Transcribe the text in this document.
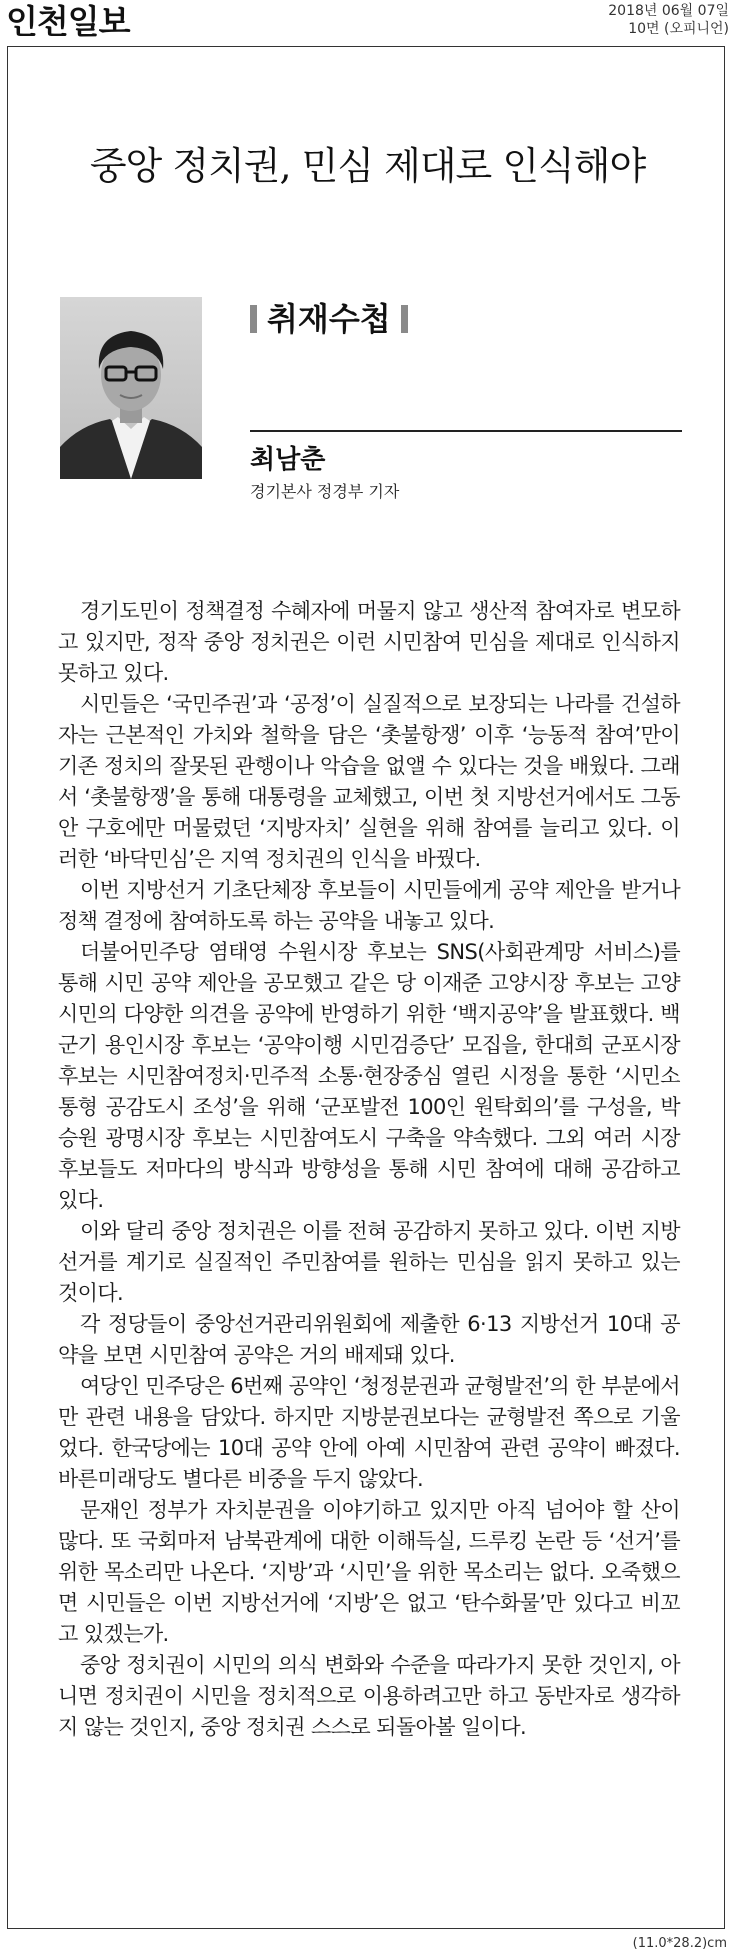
인천일보	2018년 06월 07일
10면 (오피니언)
중앙 정치권, 민심 제대로 인식해야
취재수첩
최남춘
경기본사 정경부 기자

경기도민이 정책결정 수혜자에 머물지 않고 생산적 참여자로 변모하고 있지만, 정작 중앙 정치권은 이런 시민참여 민심을 제대로 인식하지 못하고 있다.

시민들은 ‘국민주권’과 ‘공정’이 실질적으로 보장되는 나라를 건설하자는 근본적인 가치와 철학을 담은 ‘촛불항쟁’ 이후 ‘능동적 참여’만이 기존 정치의 잘못된 관행이나 악습을 없앨 수 있다는 것을 배웠다. 그래서 ‘촛불항쟁’을 통해 대통령을 교체했고, 이번 첫 지방선거에서도 그동안 구호에만 머물렀던 ‘지방자치’ 실현을 위해 참여를 늘리고 있다. 이러한 ‘바닥민심’은 지역 정치권의 인식을 바꿨다.

이번 지방선거 기초단체장 후보들이 시민들에게 공약 제안을 받거나 정책 결정에 참여하도록 하는 공약을 내놓고 있다.

더불어민주당 염태영 수원시장 후보는 SNS(사회관계망 서비스)를 통해 시민 공약 제안을 공모했고 같은 당 이재준 고양시장 후보는 고양시민의 다양한 의견을 공약에 반영하기 위한 ‘백지공약’을 발표했다. 백군기 용인시장 후보는 ‘공약이행 시민검증단’ 모집을, 한대희 군포시장 후보는 시민참여정치·민주적 소통·현장중심 열린 시정을 통한 ‘시민소통형 공감도시 조성’을 위해 ‘군포발전 100인 원탁회의’를 구성을, 박승원 광명시장 후보는 시민참여도시 구축을 약속했다. 그외 여러 시장 후보들도 저마다의 방식과 방향성을 통해 시민 참여에 대해 공감하고 있다.

이와 달리 중앙 정치권은 이를 전혀 공감하지 못하고 있다. 이번 지방선거를 계기로 실질적인 주민참여를 원하는 민심을 읽지 못하고 있는 것이다.

각 정당들이 중앙선거관리위원회에 제출한 6·13 지방선거 10대 공약을 보면 시민참여 공약은 거의 배제돼 있다.

여당인 민주당은 6번째 공약인 ‘청정분권과 균형발전’의 한 부분에서만 관련 내용을 담았다. 하지만 지방분권보다는 균형발전 쪽으로 기울었다. 한국당에는 10대 공약 안에 아예 시민참여 관련 공약이 빠졌다. 바른미래당도 별다른 비중을 두지 않았다.

문재인 정부가 자치분권을 이야기하고 있지만 아직 넘어야 할 산이 많다. 또 국회마저 남북관계에 대한 이해득실, 드루킹 논란 등 ‘선거’를 위한 목소리만 나온다. ‘지방’과 ‘시민’을 위한 목소리는 없다. 오죽했으면 시민들은 이번 지방선거에 ‘지방’은 없고 ‘탄수화물’만 있다고 비꼬고 있겠는가.

중앙 정치권이 시민의 의식 변화와 수준을 따라가지 못한 것인지, 아니면 정치권이 시민을 정치적으로 이용하려고만 하고 동반자로 생각하지 않는 것인지, 중앙 정치권 스스로 되돌아볼 일이다.

(11.0*28.2)cm
